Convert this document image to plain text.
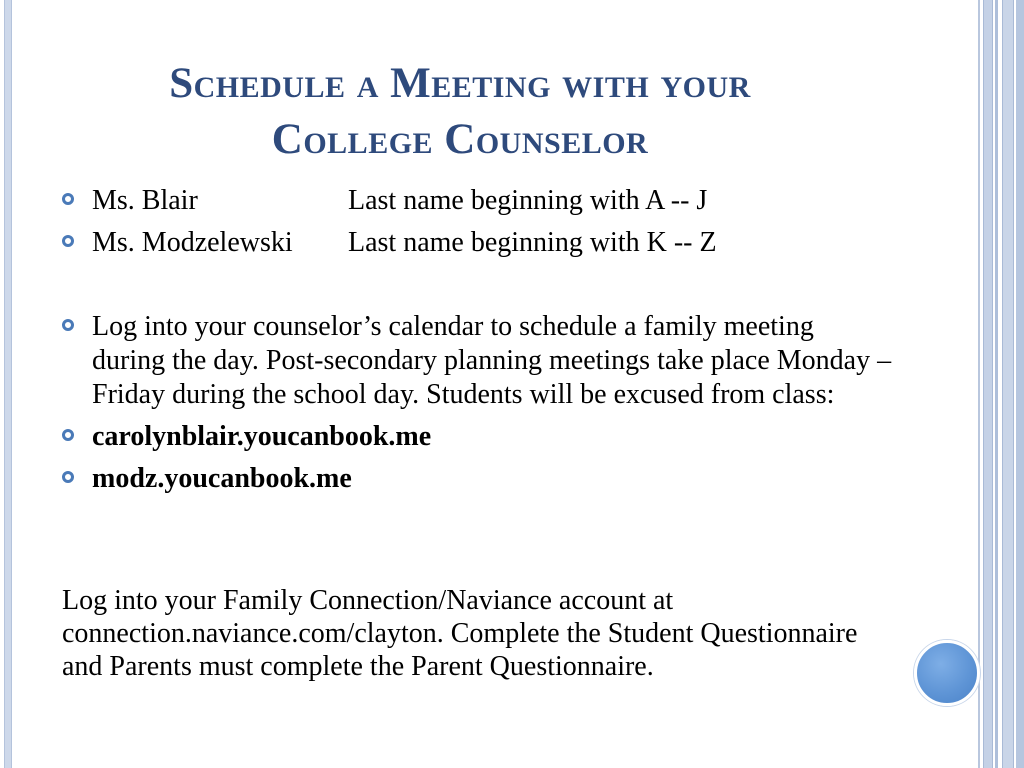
Schedule a Meeting with your
College Counselor
Ms. Blair	Last name beginning with A -- J
Ms. Modzelewski Last name beginning with K -- Z
Log into your counselor’s calendar to schedule a family meeting during the day. Post-secondary planning meetings take place Monday –Friday during the school day. Students will be excused from class:
carolynblair.youcanbook.me
modz.youcanbook.me
Log into your Family Connection/Naviance account at connection.naviance.com/clayton. Complete the Student Questionnaire and Parents must complete the Parent Questionnaire.
